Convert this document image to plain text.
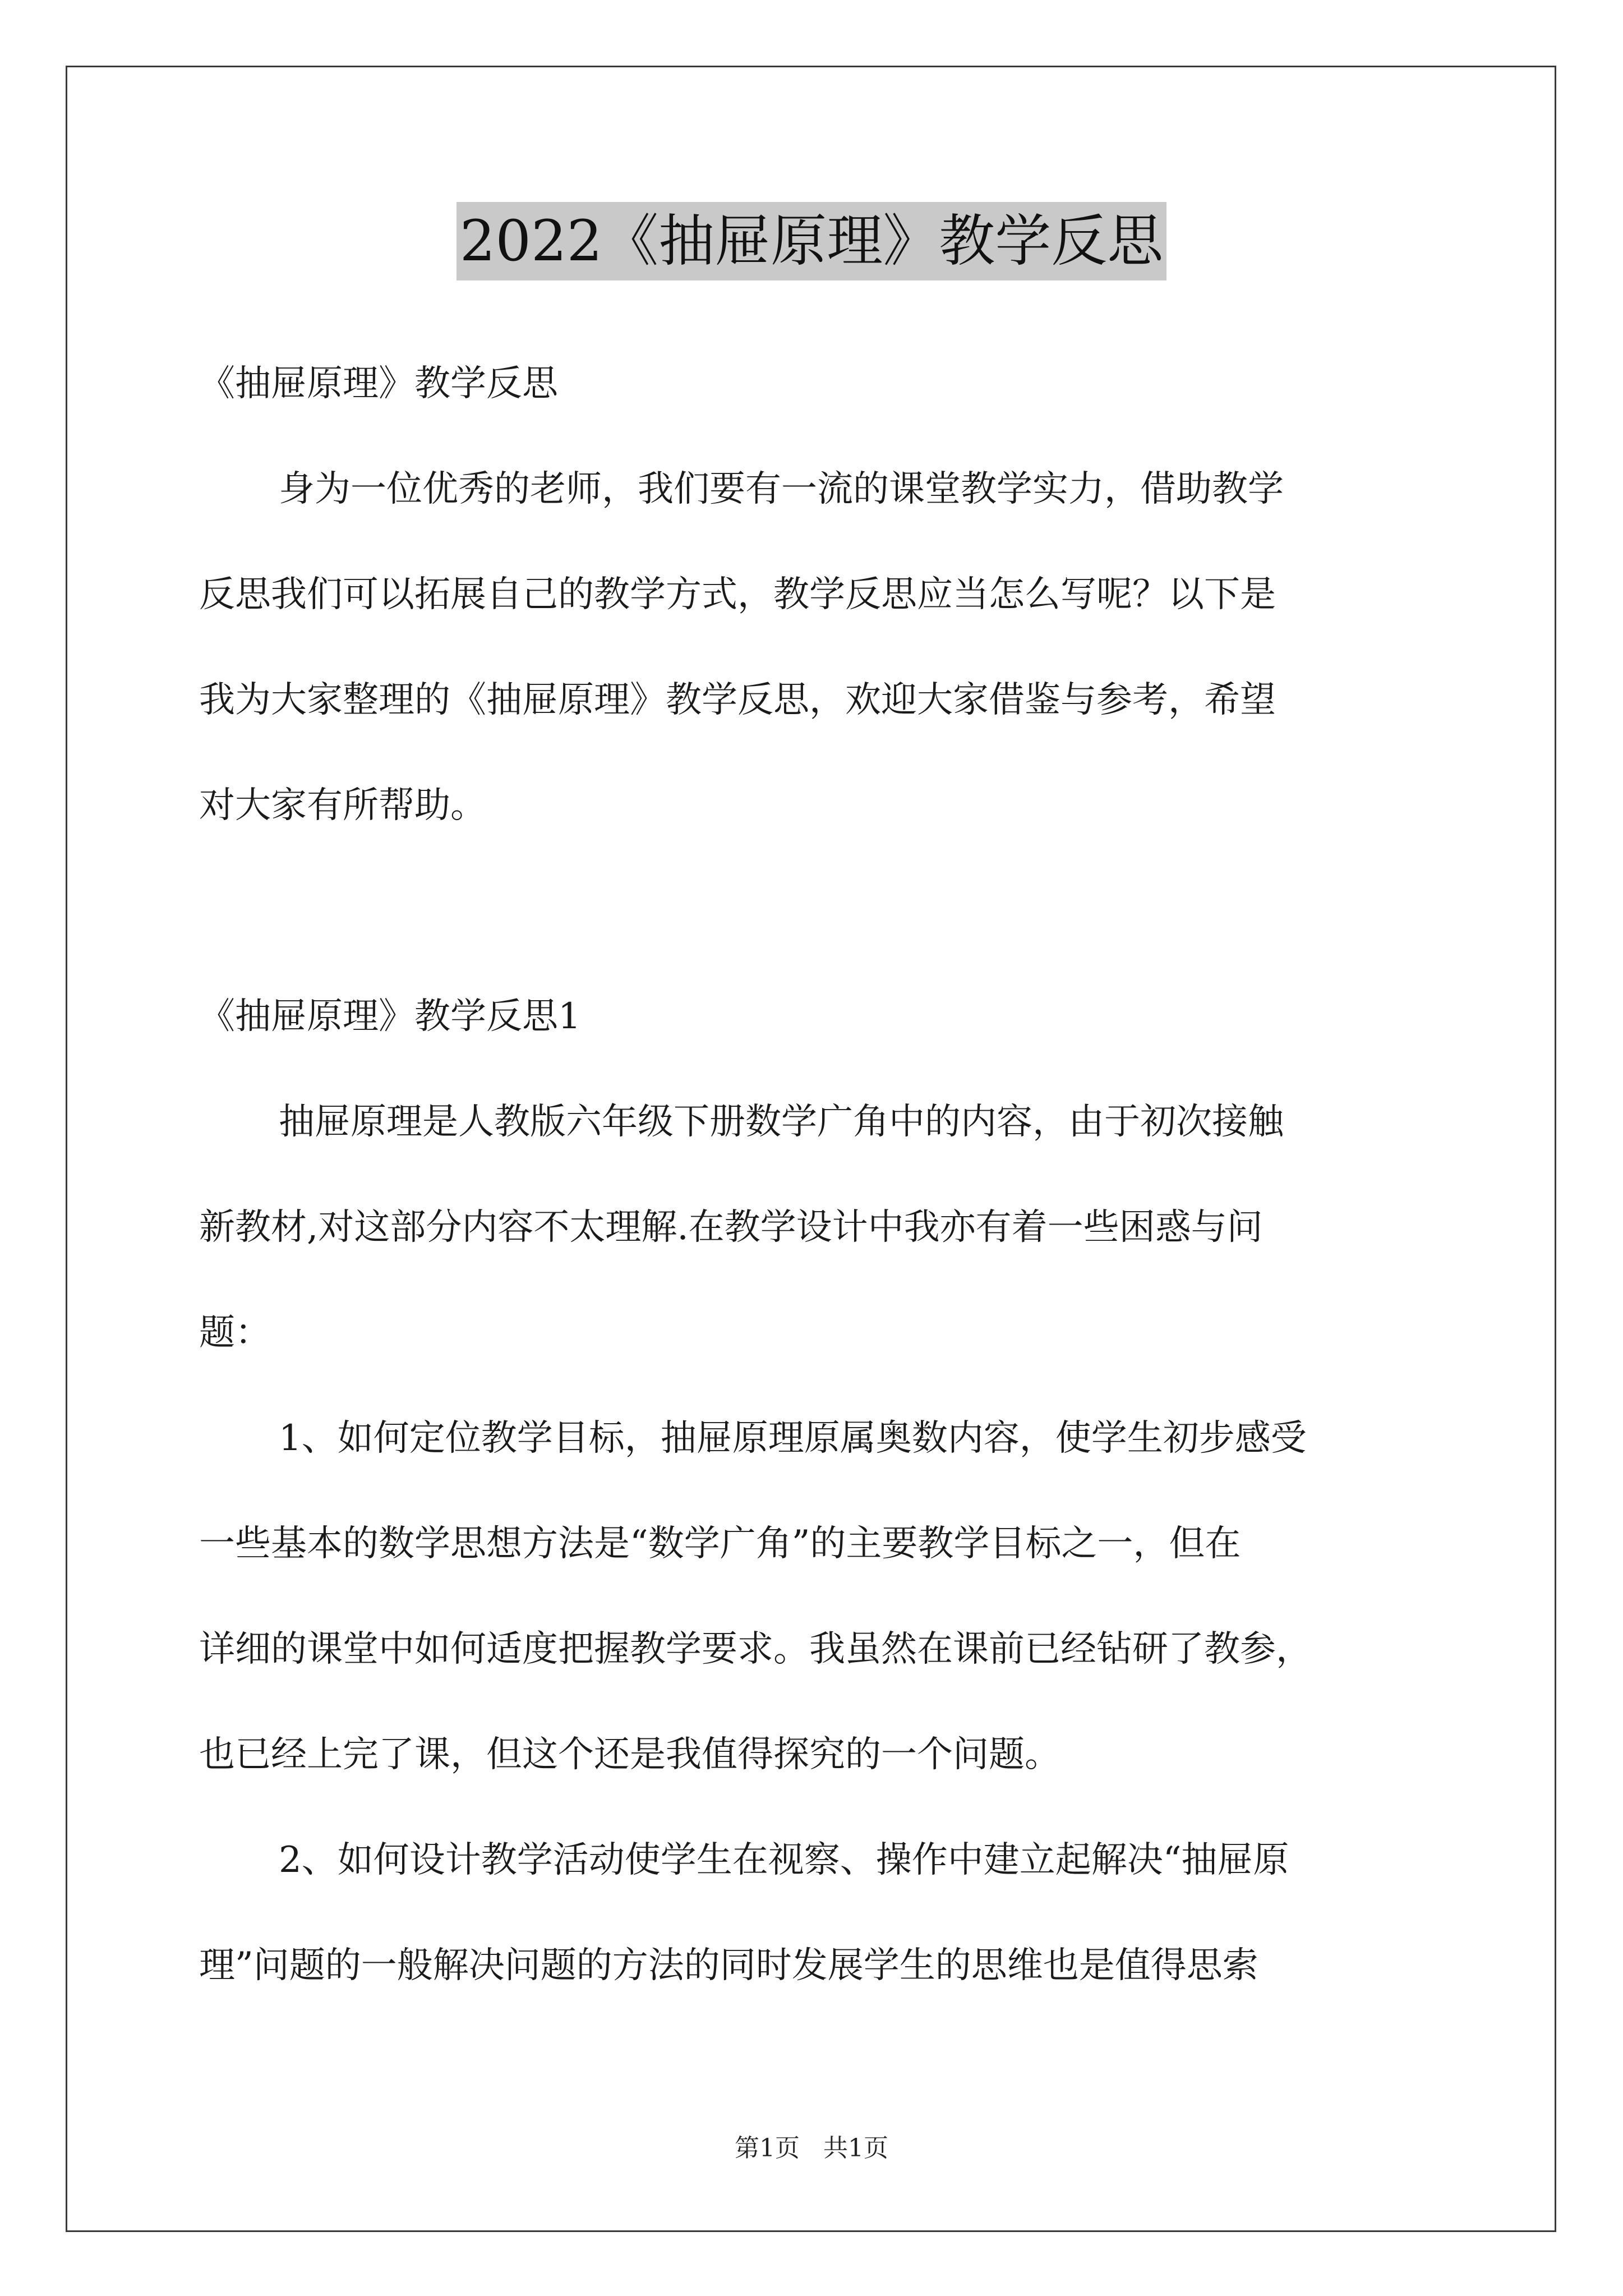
2022《抽屉原理》教学反思
《抽屉原理》教学反思
身为一位优秀的老师，我们要有一流的课堂教学实力，借助教学
反思我们可以拓展自己的教学方式，教学反思应当怎么写呢？以下是
我为大家整理的《抽屉原理》教学反思，欢迎大家借鉴与参考，希望
对大家有所帮助。
《抽屉原理》教学反思1
抽屉原理是人教版六年级下册数学广角中的内容，由于初次接触
新教材,对这部分内容不太理解.在教学设计中我亦有着一些困惑与问
题：
1、如何定位教学目标，抽屉原理原属奥数内容，使学生初步感受
一些基本的数学思想方法是“数学广角”的主要教学目标之一，但在
详细的课堂中如何适度把握教学要求。我虽然在课前已经钻研了教参，
也已经上完了课，但这个还是我值得探究的一个问题。
2、如何设计教学活动使学生在视察、操作中建立起解决“抽屉原
理”问题的一般解决问题的方法的同时发展学生的思维也是值得思索
第1页 共1页
